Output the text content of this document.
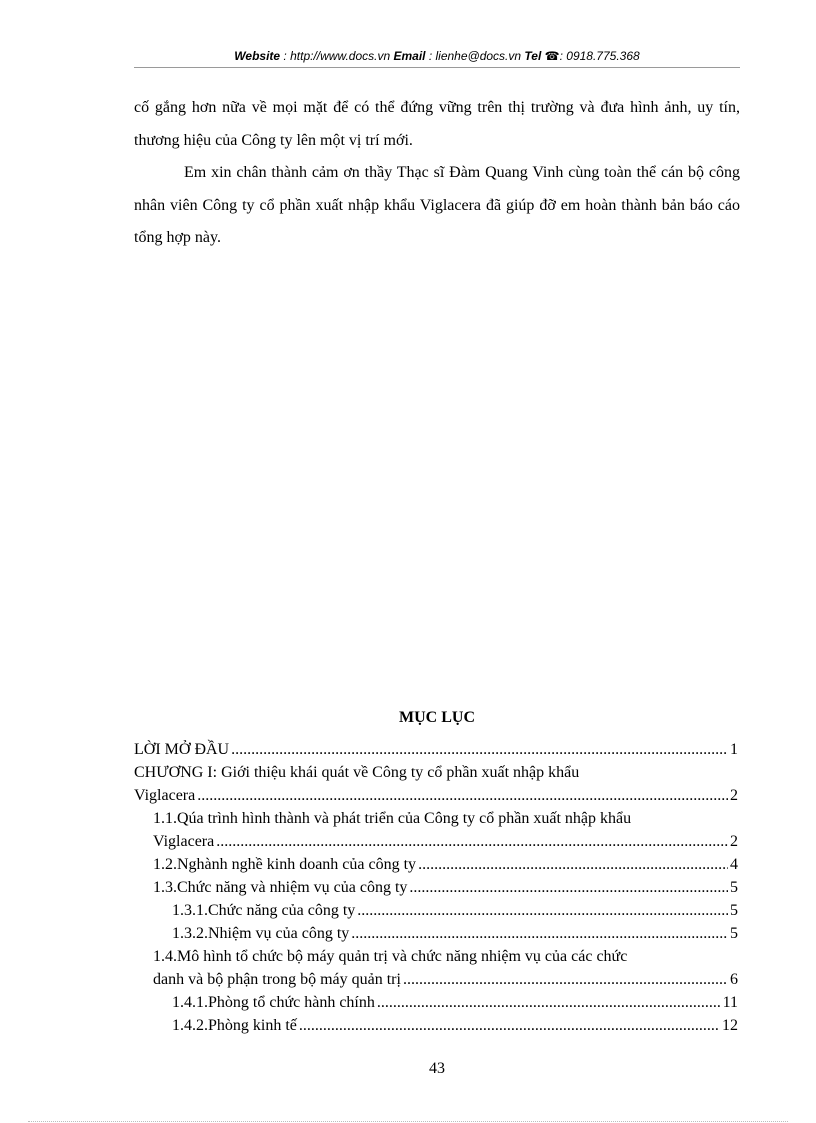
Website : http://www.docs.vn Email : lienhe@docs.vn Tel ☎: 0918.775.368

cố gắng hơn nữa về mọi mặt để có thể đứng vững trên thị trường và đưa hình ảnh, uy tín, thương hiệu của Công ty lên một vị trí mới.

Em xin chân thành cảm ơn thầy Thạc sĩ Đàm Quang Vinh cùng toàn thể cán bộ công nhân viên Công ty cổ phần xuất nhập khẩu Viglacera đã giúp đỡ em hoàn thành bản báo cáo tổng hợp này.

MỤC LỤC
LỜI MỞ ĐẦU .....	1
CHƯƠNG I: Giới thiệu khái quát về Công ty cổ phần xuất nhập khẩu
Viglacera .....	2
1.1.Qúa trình hình thành và phát triển của Công ty cổ phần xuất nhập khẩu
Viglacera .....	2
1.2.Nghành nghề kinh doanh của công ty .....	4
1.3.Chức năng và nhiệm vụ của công ty .....	5
1.3.1.Chức năng của công ty .....	5
1.3.2.Nhiệm vụ của công ty .....	5
1.4.Mô hình tổ chức bộ máy quản trị và chức năng nhiệm vụ của các chức
danh và bộ phận trong bộ máy quản trị .....	6
1.4.1.Phòng tổ chức hành chính .....	11
1.4.2.Phòng kinh tế .....	12
43
